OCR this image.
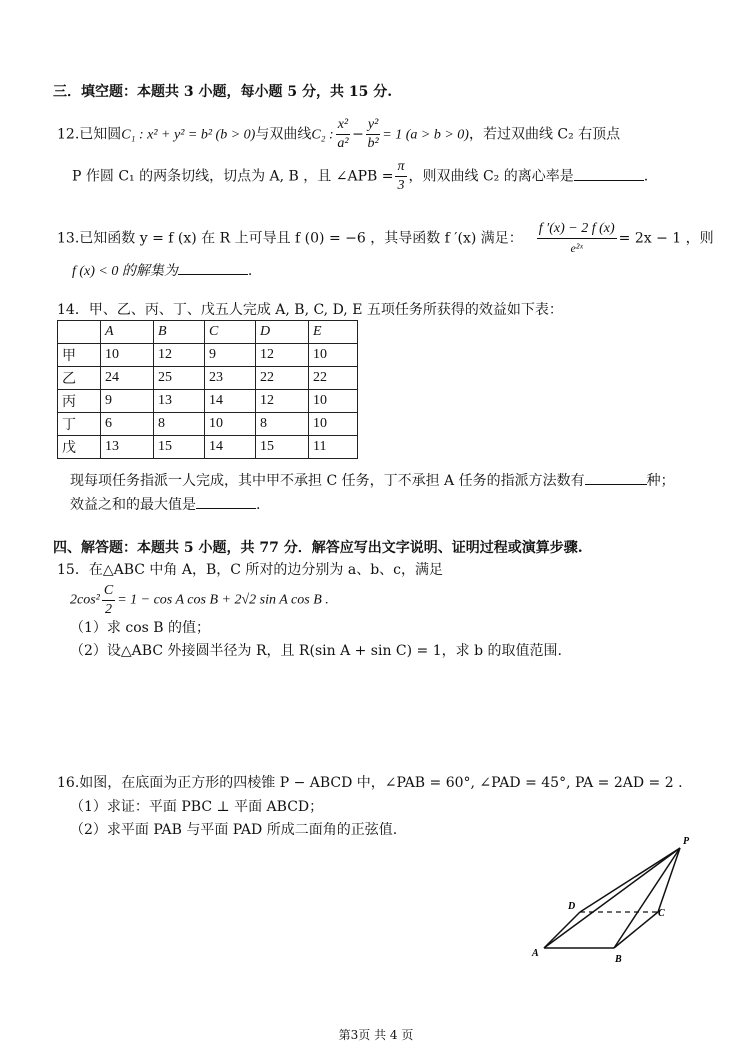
三．填空题：本题共 3 小题，每小题 5 分，共 15 分.
12.已知圆C₁ : x² + y² = b² (b > 0)与双曲线C₂ : $\frac{\text{x²}}{\text{a²}} - \frac{\text{y²}}{\text{b²}} = 1$ (a > b > 0)，若过双曲线 C₂ 右顶点
P 作圆 C₁ 的两条切线，切点为 A, B ，且 ∠APB = $\frac{\pi}{3}$ ，则双曲线 C₂ 的离心率是	.
13.已知函数 y = f (x) 在 R 上可导且 f (0) = −6 ，其导函数 f ′(x) 满足： $\frac{f '(x) - 2 f (x)}{\text{e²ˣ}} = 2x - 1$ ，则
f (x) < 0 的解集为	.
14．甲、乙、丙、丁、戊五人完成 A, B, C, D, E 五项任务所获得的效益如下表：
	A	B	C	D	E
甲	10	12	9	12	10
乙	24	25	23	22	22
丙	9	13	14	12	10
丁	6	8	10	8	10
戊	13	15	14	15	11
现每项任务指派一人完成，其中甲不承担 C 任务，丁不承担 A 任务的指派方法数有	种；
效益之和的最大值是	.
四、解答题：本题共 5 小题，共 77 分．解答应写出文字说明、证明过程或演算步骤.
15．在△ABC 中角 A，B，C 所对的边分别为 a、b、c，满足
$2\cos^2 \frac{C}{2} = 1 - \cos A$ cos B + 2√2 sin A cos B .
（1）求 cos B 的值；
（2）设△ABC 外接圆半径为 R，且 R(sin A + sin C) = 1，求 b 的取值范围.
16.如图，在底面为正方形的四棱锥 P − ABCD 中，∠PAB = 60°, ∠PAD = 45°, PA = 2AD = 2 .
（1）求证：平面 PBC ⊥ 平面 ABCD；
（2）求平面 PAB 与平面 PAD 所成二面角的正弦值.
P
D
C
A
B
第3页 共 4 页
